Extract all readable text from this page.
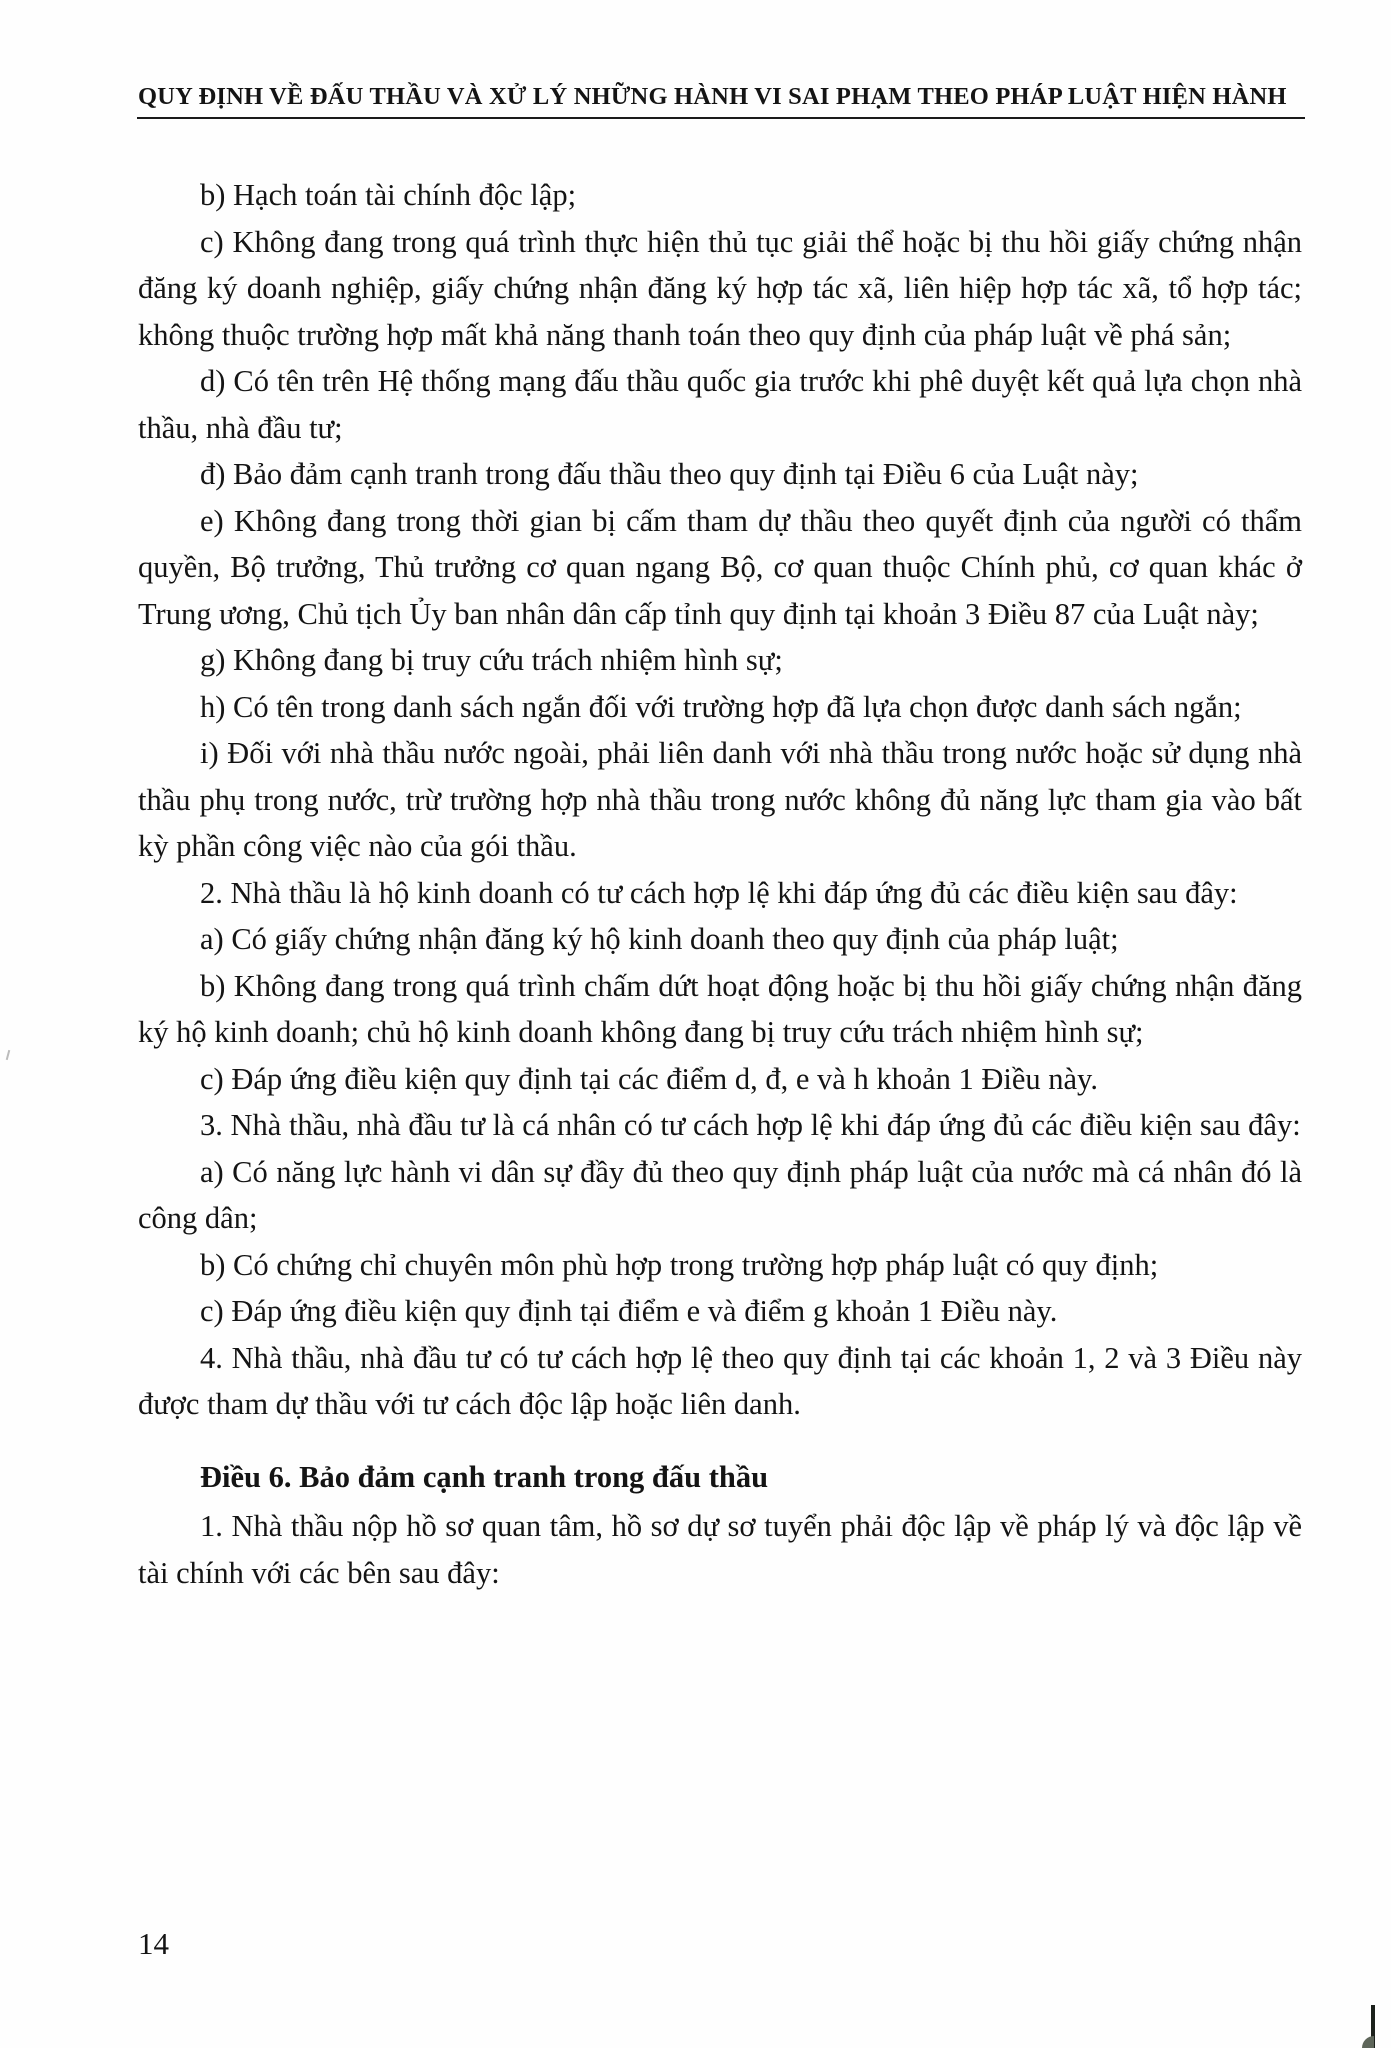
QUY ĐỊNH VỀ ĐẤU THẦU VÀ XỬ LÝ NHỮNG HÀNH VI SAI PHẠM THEO PHÁP LUẬT HIỆN HÀNH

b) Hạch toán tài chính độc lập;

c) Không đang trong quá trình thực hiện thủ tục giải thể hoặc bị thu hồi giấy chứng nhận đăng ký doanh nghiệp, giấy chứng nhận đăng ký hợp tác xã, liên hiệp hợp tác xã, tổ hợp tác; không thuộc trường hợp mất khả năng thanh toán theo quy định của pháp luật về phá sản;

d) Có tên trên Hệ thống mạng đấu thầu quốc gia trước khi phê duyệt kết quả lựa chọn nhà thầu, nhà đầu tư;

đ) Bảo đảm cạnh tranh trong đấu thầu theo quy định tại Điều 6 của Luật này;

e) Không đang trong thời gian bị cấm tham dự thầu theo quyết định của người có thẩm quyền, Bộ trưởng, Thủ trưởng cơ quan ngang Bộ, cơ quan thuộc Chính phủ, cơ quan khác ở Trung ương, Chủ tịch Ủy ban nhân dân cấp tỉnh quy định tại khoản 3 Điều 87 của Luật này;

g) Không đang bị truy cứu trách nhiệm hình sự;

h) Có tên trong danh sách ngắn đối với trường hợp đã lựa chọn được danh sách ngắn;

i) Đối với nhà thầu nước ngoài, phải liên danh với nhà thầu trong nước hoặc sử dụng nhà thầu phụ trong nước, trừ trường hợp nhà thầu trong nước không đủ năng lực tham gia vào bất kỳ phần công việc nào của gói thầu.

2. Nhà thầu là hộ kinh doanh có tư cách hợp lệ khi đáp ứng đủ các điều kiện sau đây:

a) Có giấy chứng nhận đăng ký hộ kinh doanh theo quy định của pháp luật;

b) Không đang trong quá trình chấm dứt hoạt động hoặc bị thu hồi giấy chứng nhận đăng ký hộ kinh doanh; chủ hộ kinh doanh không đang bị truy cứu trách nhiệm hình sự;

c) Đáp ứng điều kiện quy định tại các điểm d, đ, e và h khoản 1 Điều này.

3. Nhà thầu, nhà đầu tư là cá nhân có tư cách hợp lệ khi đáp ứng đủ các điều kiện sau đây:

a) Có năng lực hành vi dân sự đầy đủ theo quy định pháp luật của nước mà cá nhân đó là công dân;

b) Có chứng chỉ chuyên môn phù hợp trong trường hợp pháp luật có quy định;

c) Đáp ứng điều kiện quy định tại điểm e và điểm g khoản 1 Điều này.

4. Nhà thầu, nhà đầu tư có tư cách hợp lệ theo quy định tại các khoản 1, 2 và 3 Điều này được tham dự thầu với tư cách độc lập hoặc liên danh.

Điều 6. Bảo đảm cạnh tranh trong đấu thầu

1. Nhà thầu nộp hồ sơ quan tâm, hồ sơ dự sơ tuyển phải độc lập về pháp lý và độc lập về tài chính với các bên sau đây:

14
